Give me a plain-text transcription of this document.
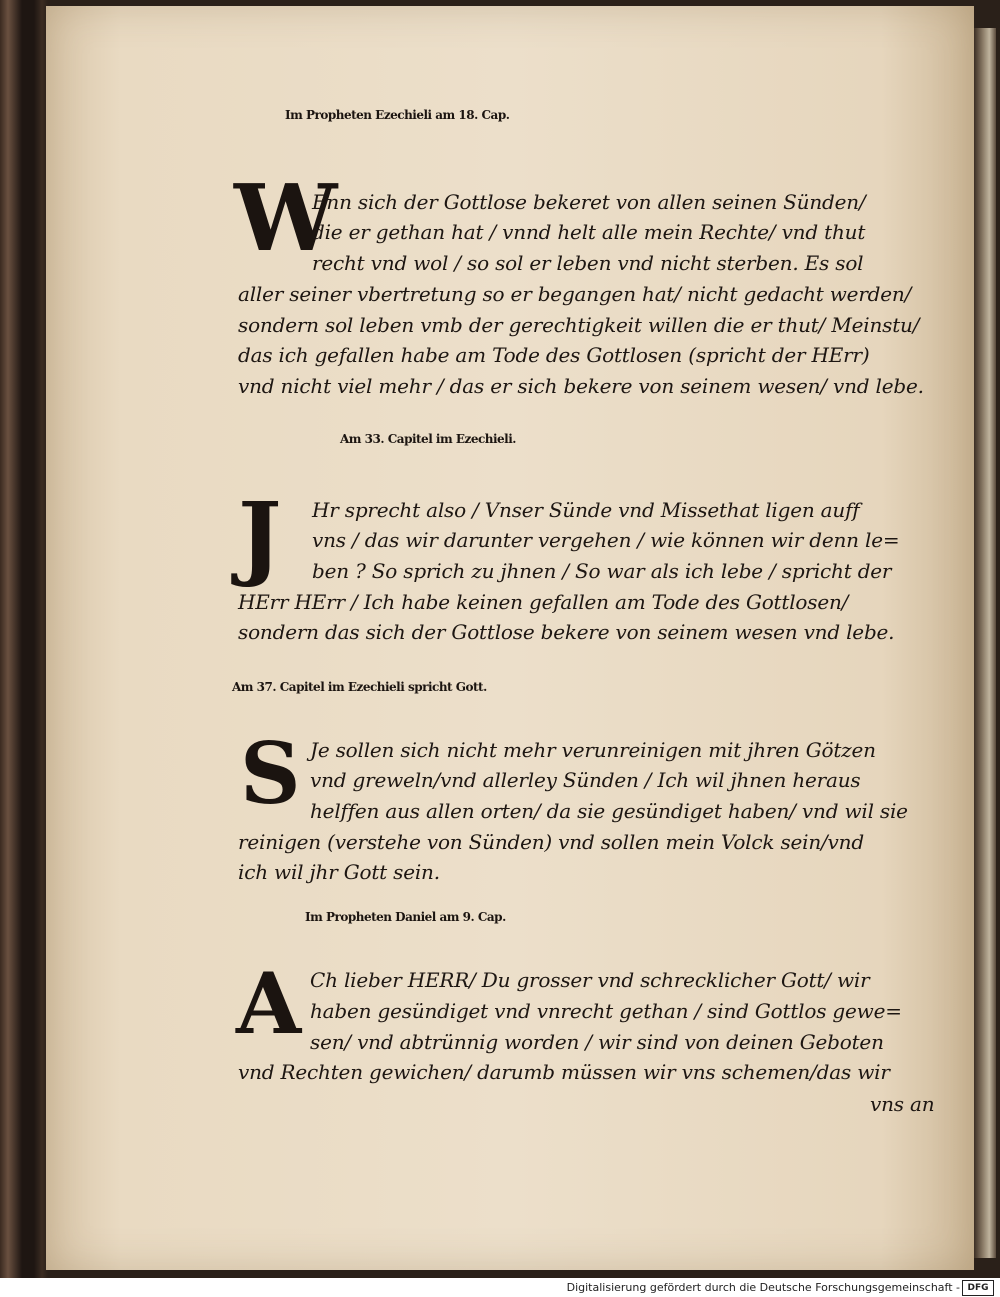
Im Propheten Ezechieli am 18. Cap.
W
Enn sich der Gottlose bekeret von allen seinen Sünden/
die er gethan hat / vnnd helt alle mein Rechte/ vnd thut
recht vnd wol / so sol er leben vnd nicht sterben. Es sol
aller seiner vbertretung so er begangen hat/ nicht gedacht werden/
sondern sol leben vmb der gerechtigkeit willen die er thut/ Meinstu/
das ich gefallen habe am Tode des Gottlosen (spricht der HErr)
vnd nicht viel mehr / das er sich bekere von seinem wesen/ vnd lebe.
Am 33. Capitel im Ezechieli.
J Hr sprecht also / Vnser Sünde vnd Missethat ligen auff
vns / das wir darunter vergehen / wie können wir denn le=
ben ? So sprich zu jhnen / So war als ich lebe / spricht der
HErr HErr / Ich habe keinen gefallen am Tode des Gottlosen/
sondern das sich der Gottlose bekere von seinem wesen vnd lebe.
Am 37. Capitel im Ezechieli spricht Gott.
S Je sollen sich nicht mehr verunreinigen mit jhren Götzen
vnd greweln/vnd allerley Sünden / Ich wil jhnen heraus
helffen aus allen orten/ da sie gesündiget haben/ vnd wil sie
reinigen (verstehe von Sünden) vnd sollen mein Volck sein/vnd
ich wil jhr Gott sein.
Im Propheten Daniel am 9. Cap.
A Ch lieber HERR/ Du grosser vnd schrecklicher Gott/ wir
haben gesündiget vnd vnrecht gethan / sind Gottlos gewe=
sen/ vnd abtrünnig worden / wir sind von deinen Geboten
vnd Rechten gewichen/ darumb müssen wir vns schemen/das wir
vns an
Digitalisierung gefördert durch die Deutsche Forschungsgemeinschaft - DFG
